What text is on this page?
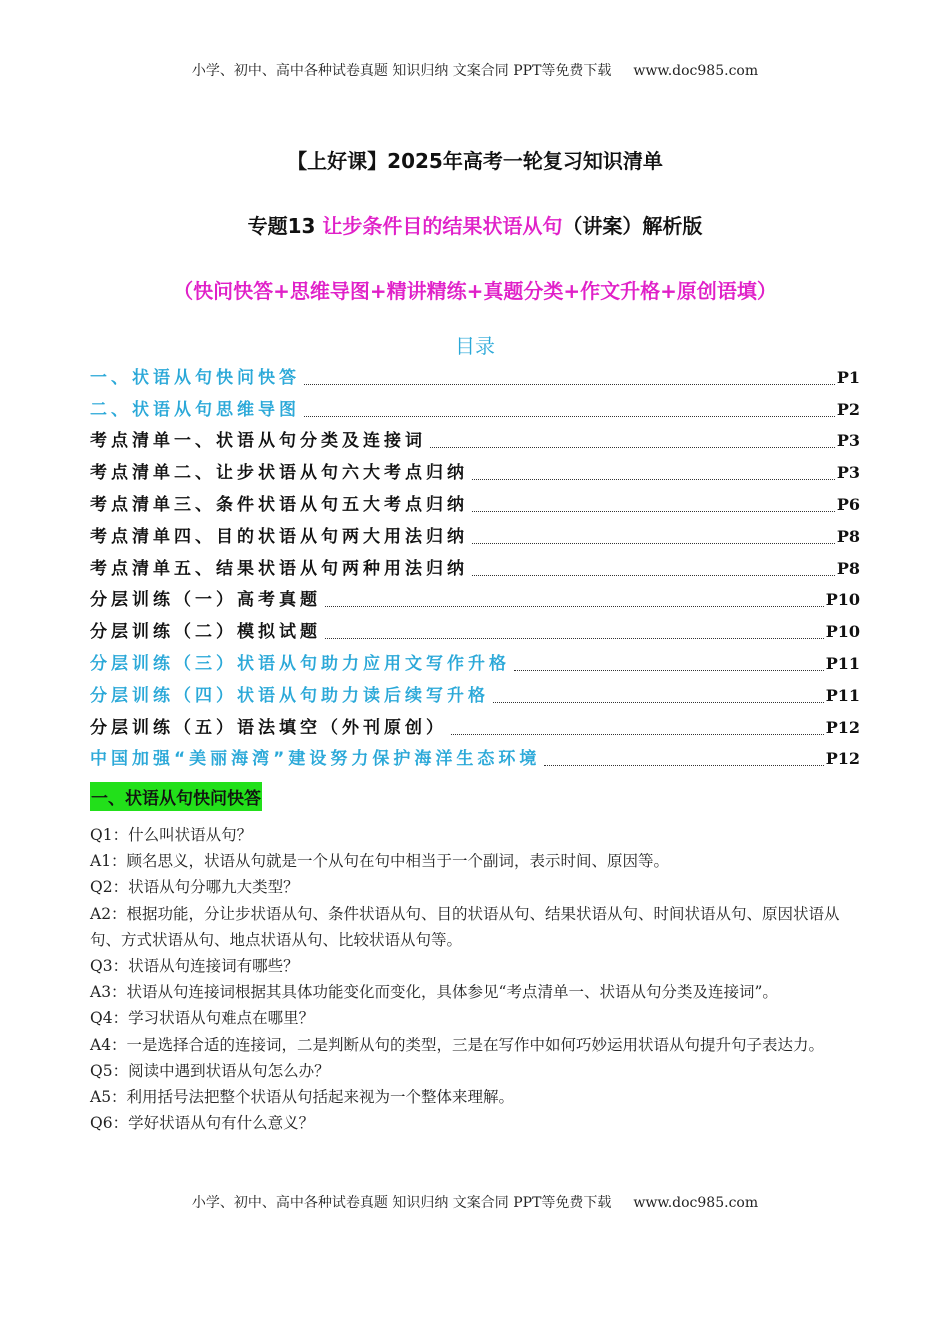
小学、初中、高中各种试卷真题 知识归纳 文案合同 PPT等免费下载 www.doc985.com
【上好课】2025年高考一轮复习知识清单
专题13 让步条件目的结果状语从句（讲案）解析版
（快问快答+思维导图+精讲精练+真题分类+作文升格+原创语填）
目录
一、状语从句快问快答	P1
二、状语从句思维导图	P2
考点清单一、状语从句分类及连接词	P3
考点清单二、让步状语从句六大考点归纳	P3
考点清单三、条件状语从句五大考点归纳	P6
考点清单四、目的状语从句两大用法归纳	P8
考点清单五、结果状语从句两种用法归纳	P8
分层训练（一）高考真题	P10
分层训练（二）模拟试题	P10
分层训练（三）状语从句助力应用文写作升格	P11
分层训练（四）状语从句助力读后续写升格	P11
分层训练（五）语法填空（外刊原创）	P12
中国加强“美丽海湾”建设努力保护海洋生态环境	P12
一、状语从句快问快答
Q1：什么叫状语从句？
A1：顾名思义，状语从句就是一个从句在句中相当于一个副词，表示时间、原因等。
Q2：状语从句分哪九大类型？
A2：根据功能，分让步状语从句、条件状语从句、目的状语从句、结果状语从句、时间状语从句、原因状语从句、方式状语从句、地点状语从句、比较状语从句等。
Q3：状语从句连接词有哪些？
A3：状语从句连接词根据其具体功能变化而变化，具体参见“考点清单一、状语从句分类及连接词”。
Q4：学习状语从句难点在哪里？
A4：一是选择合适的连接词，二是判断从句的类型，三是在写作中如何巧妙运用状语从句提升句子表达力。
Q5：阅读中遇到状语从句怎么办？
A5：利用括号法把整个状语从句括起来视为一个整体来理解。
Q6：学好状语从句有什么意义？
小学、初中、高中各种试卷真题 知识归纳 文案合同 PPT等免费下载 www.doc985.com
